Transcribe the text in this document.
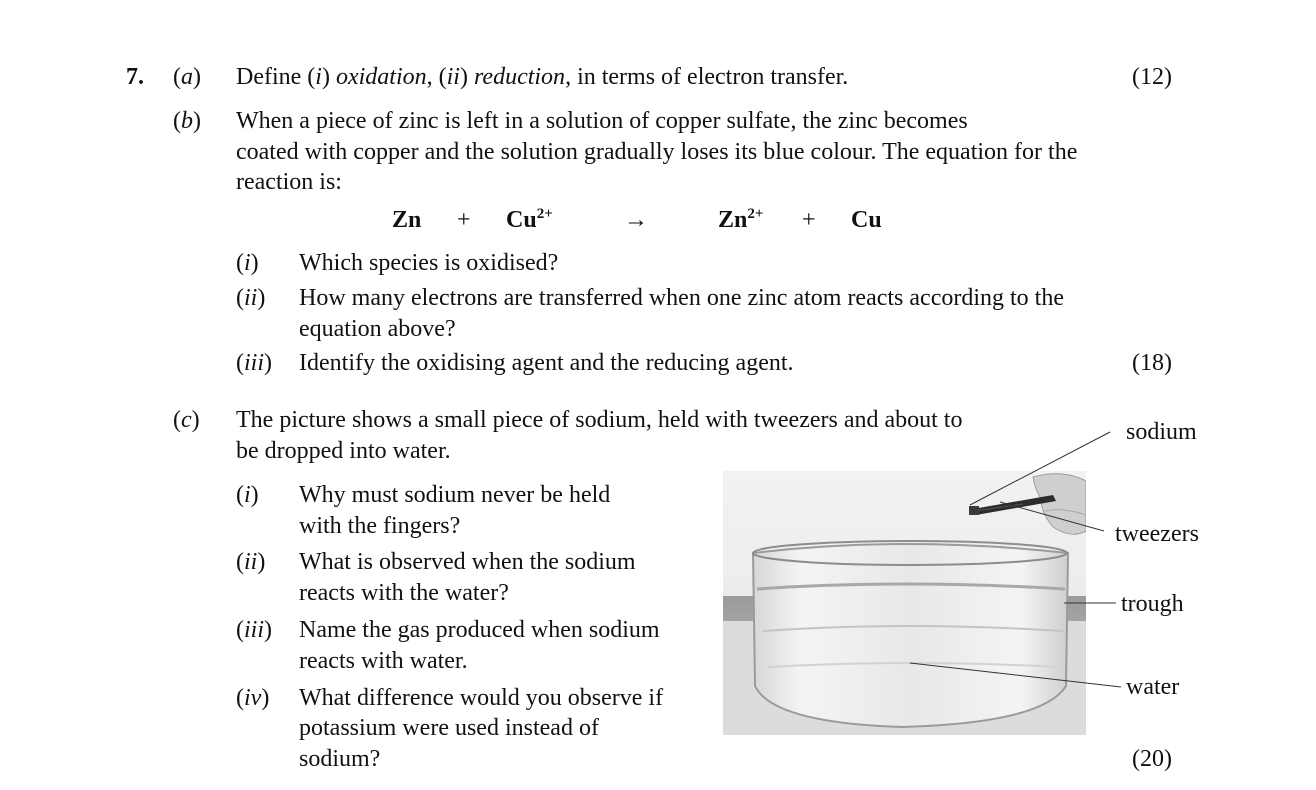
7. (a) Define (i) oxidation, (ii) reduction, in terms of electron transfer.	(12)
(b) When a piece of zinc is left in a solution of copper sulfate, the zinc becomes
coated with copper and the solution gradually loses its blue colour. The equation for the
reaction is:
$Zn + Cu^{2+}$	→	$Zn^{2+} + Cu$
(i) Which species is oxidised?
(ii) How many electrons are transferred when one zinc atom reacts according to the
equation above?
(iii) Identify the oxidising agent and the reducing agent.	(18)
(c) The picture shows a small piece of sodium, held with tweezers and about to
be dropped into water.
(i) Why must sodium never be held
with the fingers?
(ii) What is observed when the sodium
reacts with the water?
(iii) Name the gas produced when sodium
reacts with water.
(iv) What difference would you observe if
potassium were used instead of
sodium?	(20)
sodium
tweezers
trough
water
